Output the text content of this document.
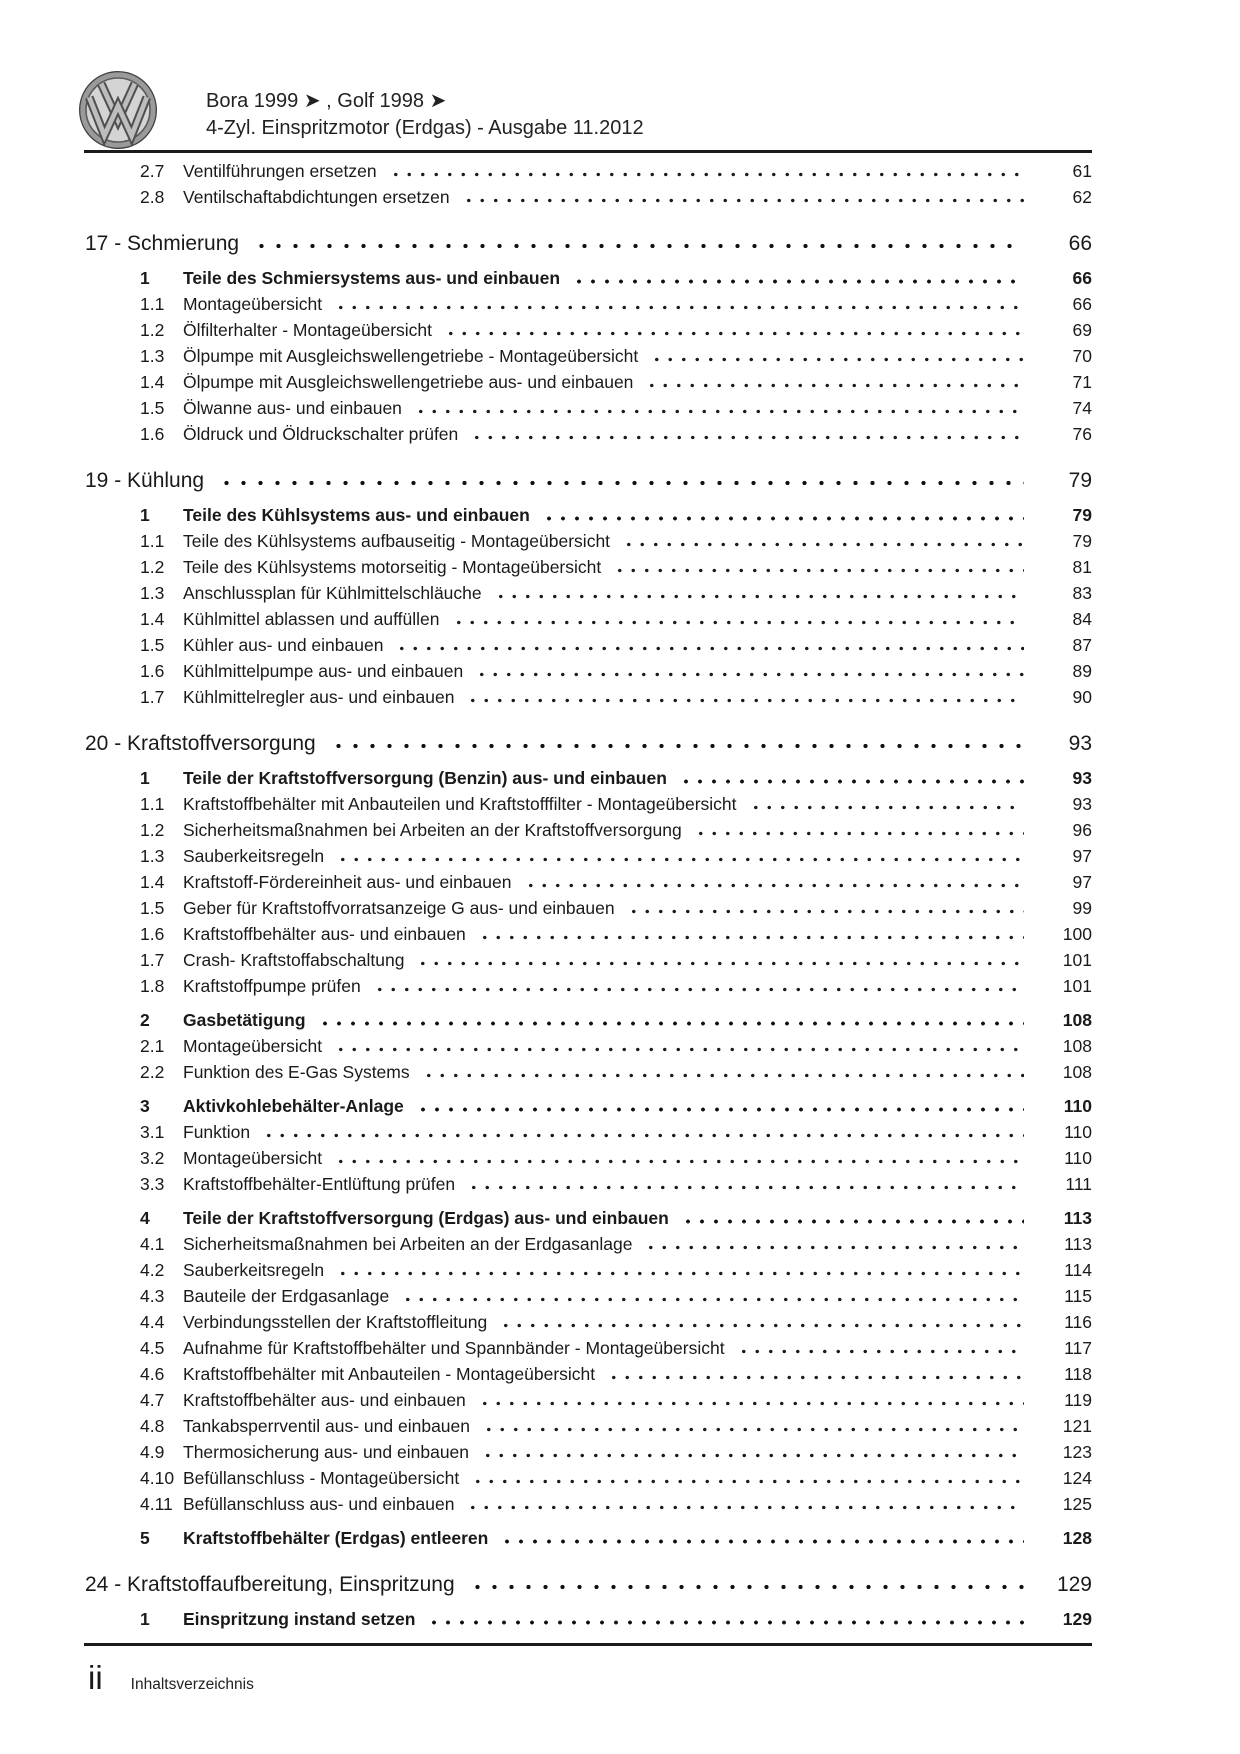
Bora 1999 ➤ , Golf 1998 ➤
4-Zyl. Einspritzmotor (Erdgas) - Ausgabe 11.2012
2.7	Ventilführungen ersetzen	61
2.8	Ventilschaftabdichtungen ersetzen	62
17 - Schmierung	66
1	Teile des Schmiersystems aus- und einbauen	66
1.1	Montageübersicht	66
1.2	Ölfilterhalter - Montageübersicht	69
1.3	Ölpumpe mit Ausgleichswellengetriebe - Montageübersicht	70
1.4	Ölpumpe mit Ausgleichswellengetriebe aus- und einbauen	71
1.5	Ölwanne aus- und einbauen	74
1.6	Öldruck und Öldruckschalter prüfen	76
19 - Kühlung	79
1	Teile des Kühlsystems aus- und einbauen	79
1.1	Teile des Kühlsystems aufbauseitig - Montageübersicht	79
1.2	Teile des Kühlsystems motorseitig - Montageübersicht	81
1.3	Anschlussplan für Kühlmittelschläuche	83
1.4	Kühlmittel ablassen und auffüllen	84
1.5	Kühler aus- und einbauen	87
1.6	Kühlmittelpumpe aus- und einbauen	89
1.7	Kühlmittelregler aus- und einbauen	90
20 - Kraftstoffversorgung	93
1	Teile der Kraftstoffversorgung (Benzin) aus- und einbauen	93
1.1	Kraftstoffbehälter mit Anbauteilen und Kraftstofffilter - Montageübersicht	93
1.2	Sicherheitsmaßnahmen bei Arbeiten an der Kraftstoffversorgung	96
1.3	Sauberkeitsregeln	97
1.4	Kraftstoff-Fördereinheit aus- und einbauen	97
1.5	Geber für Kraftstoffvorratsanzeige G aus- und einbauen	99
1.6	Kraftstoffbehälter aus- und einbauen	100
1.7	Crash- Kraftstoffabschaltung	101
1.8	Kraftstoffpumpe prüfen	101
2	Gasbetätigung	108
2.1	Montageübersicht	108
2.2	Funktion des E-Gas Systems	108
3	Aktivkohlebehälter-Anlage	110
3.1	Funktion	110
3.2	Montageübersicht	110
3.3	Kraftstoffbehälter-Entlüftung prüfen	111
4	Teile der Kraftstoffversorgung (Erdgas) aus- und einbauen	113
4.1	Sicherheitsmaßnahmen bei Arbeiten an der Erdgasanlage	113
4.2	Sauberkeitsregeln	114
4.3	Bauteile der Erdgasanlage	115
4.4	Verbindungsstellen der Kraftstoffleitung	116
4.5	Aufnahme für Kraftstoffbehälter und Spannbänder - Montageübersicht	117
4.6	Kraftstoffbehälter mit Anbauteilen - Montageübersicht	118
4.7	Kraftstoffbehälter aus- und einbauen	119
4.8	Tankabsperrventil aus- und einbauen	121
4.9	Thermosicherung aus- und einbauen	123
4.10 Befüllanschluss - Montageübersicht	124
4.11 Befüllanschluss aus- und einbauen	125
5	Kraftstoffbehälter (Erdgas) entleeren	128
24 - Kraftstoffaufbereitung, Einspritzung	129
1	Einspritzung instand setzen	129
ii Inhaltsverzeichnis
